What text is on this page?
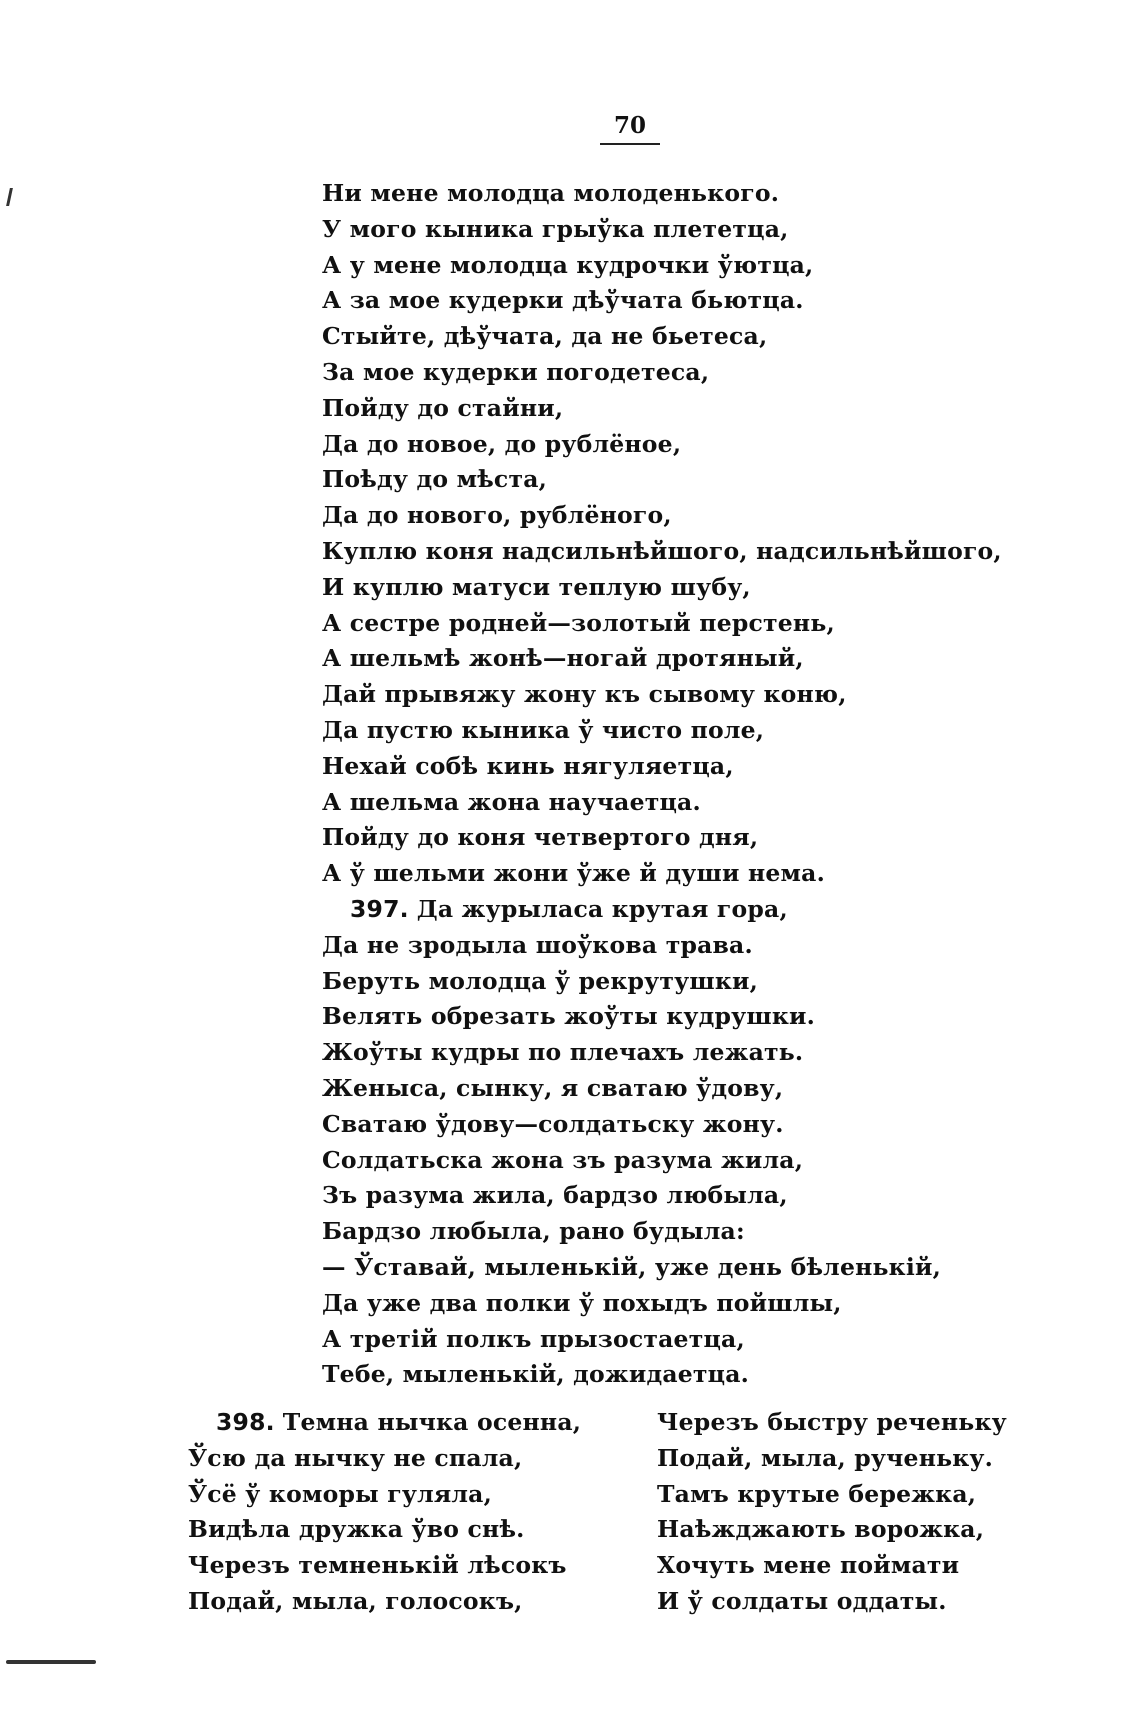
70
Ни мене молодца молоденького.
У мого кыника грыўка плететца,
А у мене молодца кудрочки ўютца,
А за мое кудерки дѣўчата бьютца.
Стыйте, дѣўчата, да не бьетеса,
За мое кудерки погодетеса,
Пойду до стайни,
Да до новое, до рублёное,
Поѣду до мѣста,
Да до нового, рублёного,
Куплю коня надсильнѣйшого, надсильнѣйшого,
И куплю матуси теплую шубу,
А сестре родней—золотый перстень,
А шельмѣ жонѣ—ногай дротяный,
Дай прывяжу жону къ сывому коню,
Да пустю кыника ў чисто поле,
Нехай собѣ кинь нягуляетца,
А шельма жона научаетца.
Пойду до коня четвертого дня,
А ў шельми жони ўже й души нема.
397. Да журыласа крутая гора,
Да не зродыла шоўкова трава.
Беруть молодца ў рекрутушки,
Велять обрезать жоўты кудрушки.
Жоўты кудры по плечахъ лежать.
Женыса, сынку, я сватаю ўдову,
Сватаю ўдову—солдатьску жону.
Солдатьска жона зъ разума жила,
Зъ разума жила, бардзо любыла,
Бардзо любыла, рано будыла:
— Ўставай, мыленькій, уже день бѣленькій,
Да уже два полки ў похыдъ пойшлы,
А третій полкъ прызостаетца,
Тебе, мыленькій, дожидаетца.
398. Темна нычка осенна,
Ўсю да нычку не спала,
Ўсё ў коморы гуляла,
Видѣла дружка ўво снѣ.
Черезъ темненькій лѣсокъ
Подай, мыла, голосокъ,
Черезъ быстру реченьку
Подай, мыла, рученьку.
Тамъ крутые бережка,
Наѣжджають ворожка,
Хочуть мене поймати
И ў солдаты оддаты.
